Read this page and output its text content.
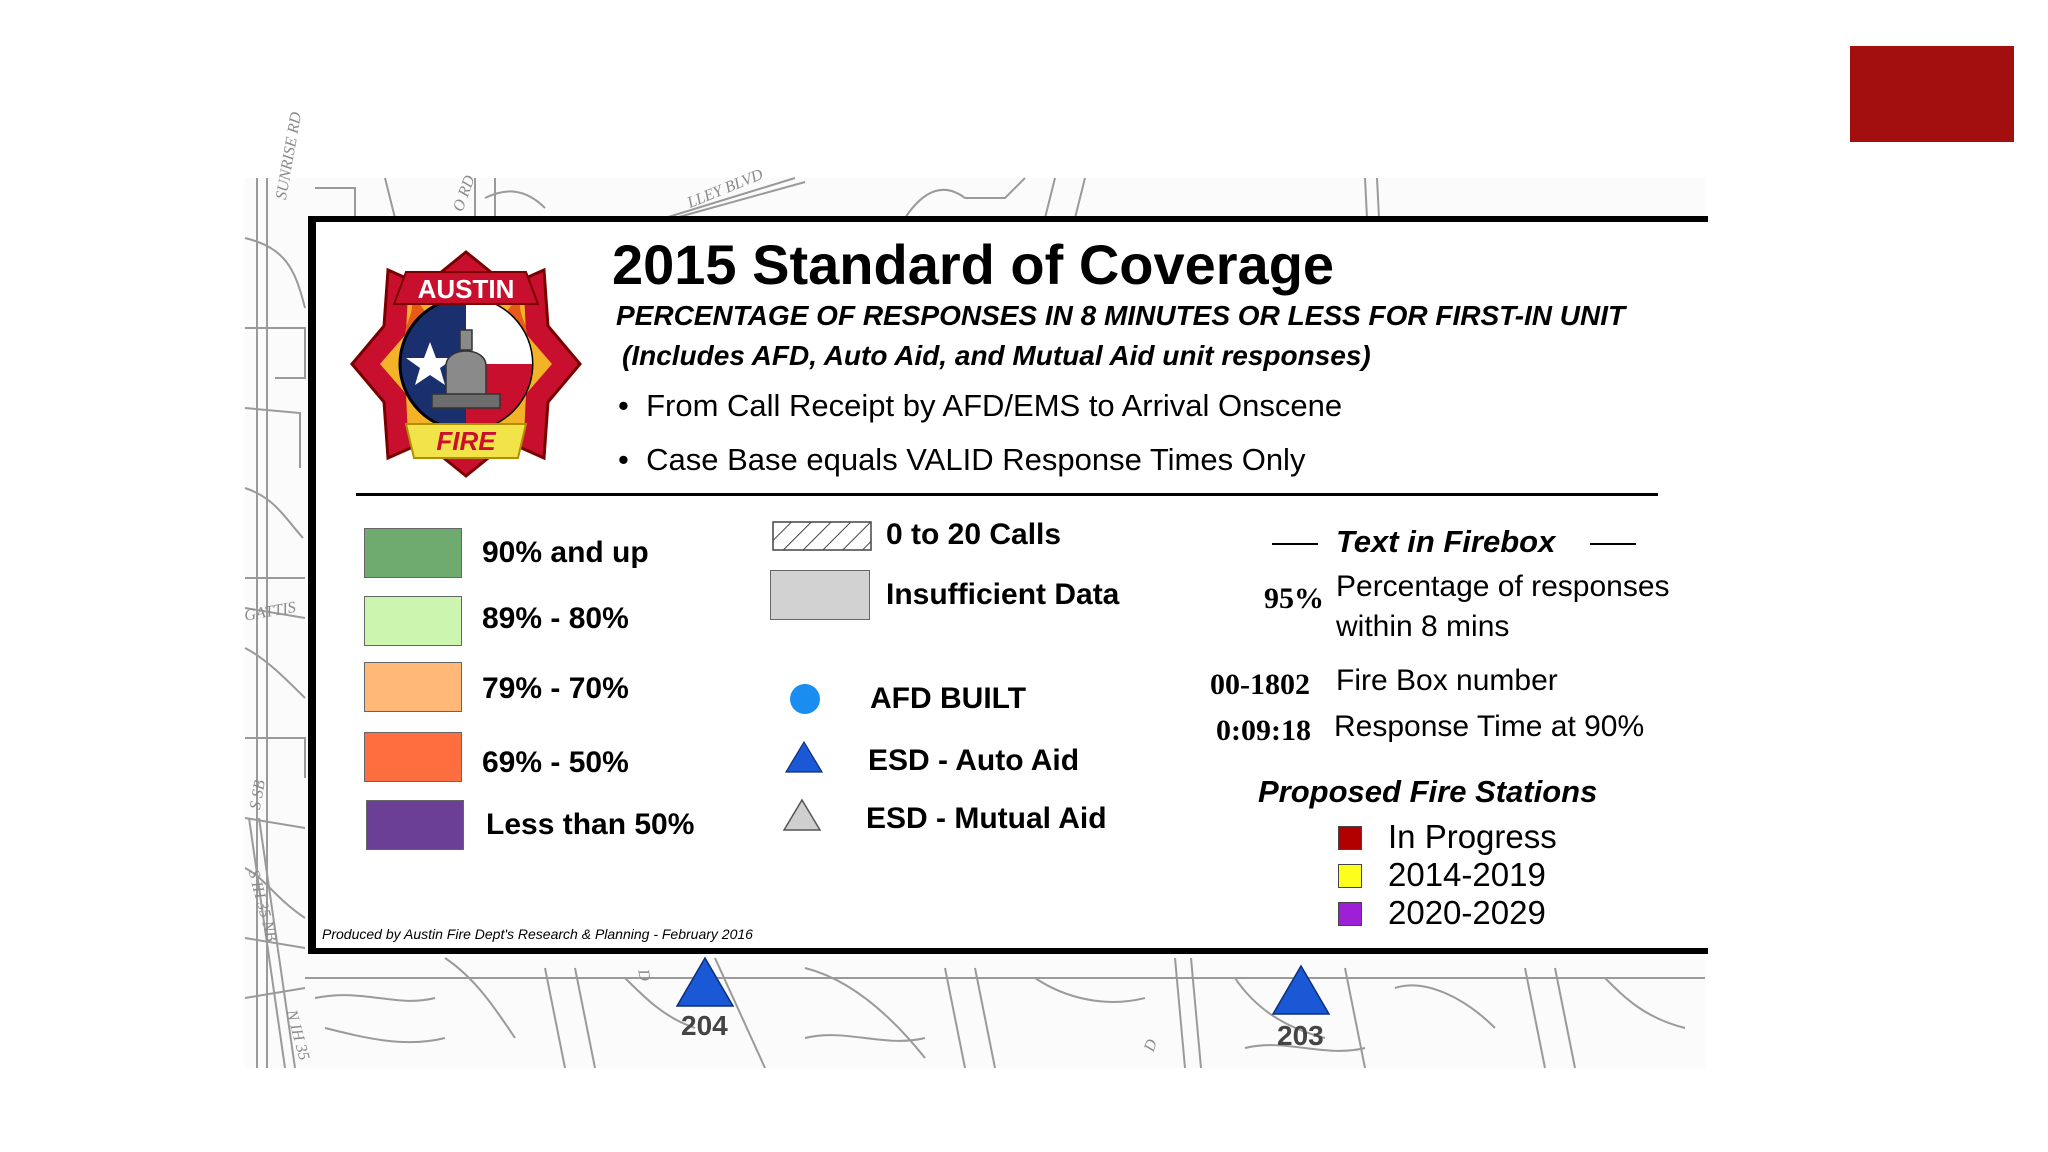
SUNRISE RD	O RD	LLEY BLVD
GATTIS
S SB
S IH 35 NB
N IH 35
D
D
204	203
AUSTIN
FIRE
2015 Standard of Coverage
PERCENTAGE OF RESPONSES IN 8 MINUTES OR LESS FOR FIRST-IN UNIT
(Includes AFD, Auto Aid, and Mutual Aid unit responses)
•  From Call Receipt by AFD/EMS to Arrival Onscene
•  Case Base equals VALID Response Times Only
90% and up
89% - 80%
79% - 70%
69% - 50%
Less than 50%
0 to 20 Calls
Insufficient Data
AFD BUILT
ESD - Auto Aid
ESD - Mutual Aid
Text in Firebox
95% Percentage of responses
within 8 mins
00-1802 Fire Box number
0:09:18 Response Time at 90%
Proposed Fire Stations
In Progress
2014-2019
2020-2029
Produced by Austin Fire Dept's Research & Planning - February 2016
